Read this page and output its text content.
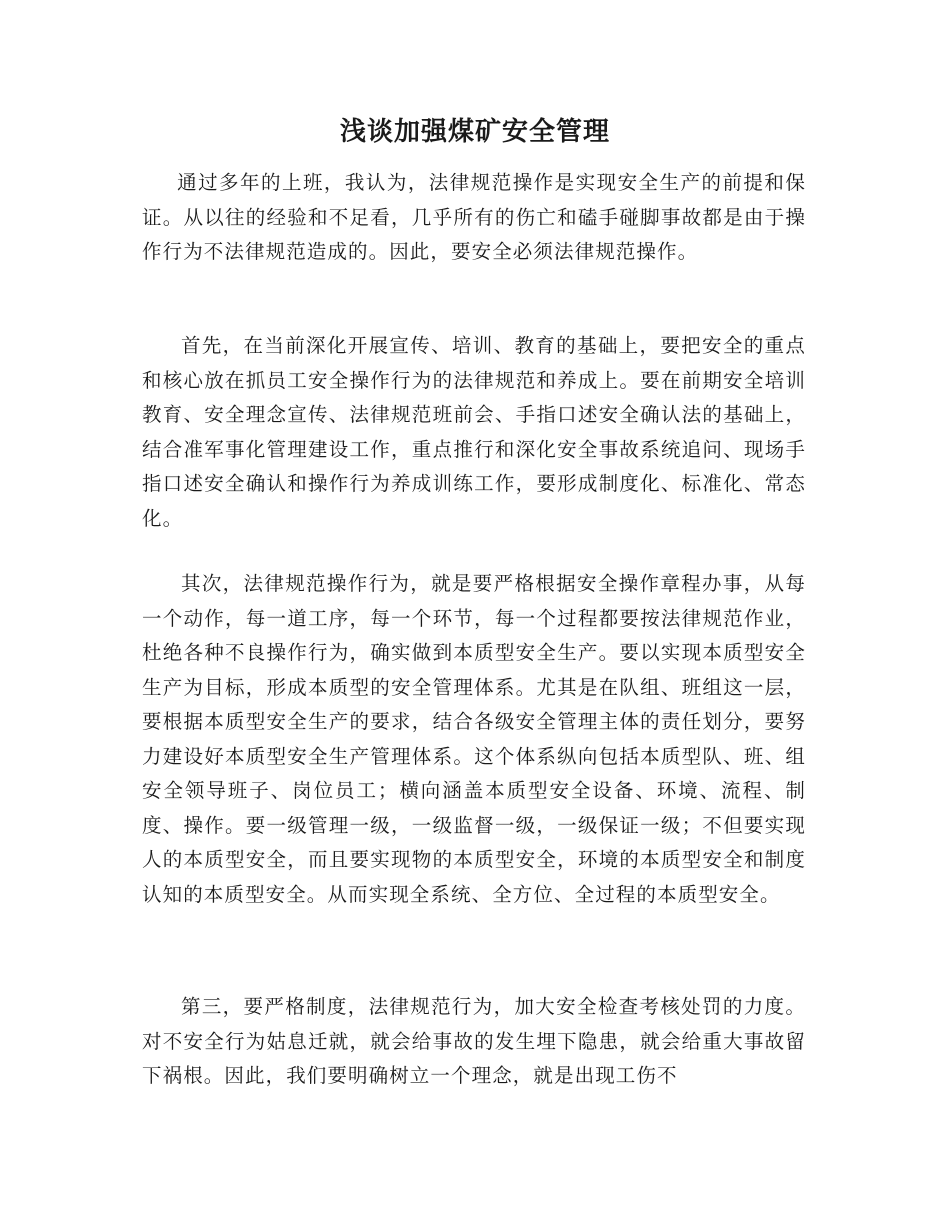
浅谈加强煤矿安全管理

通过多年的上班，我认为，法律规范操作是实现安全生产的前提和保证。从以往的经验和不足看，几乎所有的伤亡和磕手碰脚事故都是由于操作行为不法律规范造成的。因此，要安全必须法律规范操作。

首先，在当前深化开展宣传、培训、教育的基础上，要把安全的重点和核心放在抓员工安全操作行为的法律规范和养成上。要在前期安全培训教育、安全理念宣传、法律规范班前会、手指口述安全确认法的基础上，结合准军事化管理建设工作，重点推行和深化安全事故系统追问、现场手指口述安全确认和操作行为养成训练工作，要形成制度化、标准化、常态化。

其次，法律规范操作行为，就是要严格根据安全操作章程办事，从每一个动作，每一道工序，每一个环节，每一个过程都要按法律规范作业，杜绝各种不良操作行为，确实做到本质型安全生产。要以实现本质型安全生产为目标，形成本质型的安全管理体系。尤其是在队组、班组这一层，要根据本质型安全生产的要求，结合各级安全管理主体的责任划分，要努力建设好本质型安全生产管理体系。这个体系纵向包括本质型队、班、组安全领导班子、岗位员工；横向涵盖本质型安全设备、环境、流程、制度、操作。要一级管理一级，一级监督一级，一级保证一级；不但要实现人的本质型安全，而且要实现物的本质型安全，环境的本质型安全和制度认知的本质型安全。从而实现全系统、全方位、全过程的本质型安全。

第三，要严格制度，法律规范行为，加大安全检查考核处罚的力度。对不安全行为姑息迁就，就会给事故的发生埋下隐患，就会给重大事故留下祸根。因此，我们要明确树立一个理念，就是出现工伤不
